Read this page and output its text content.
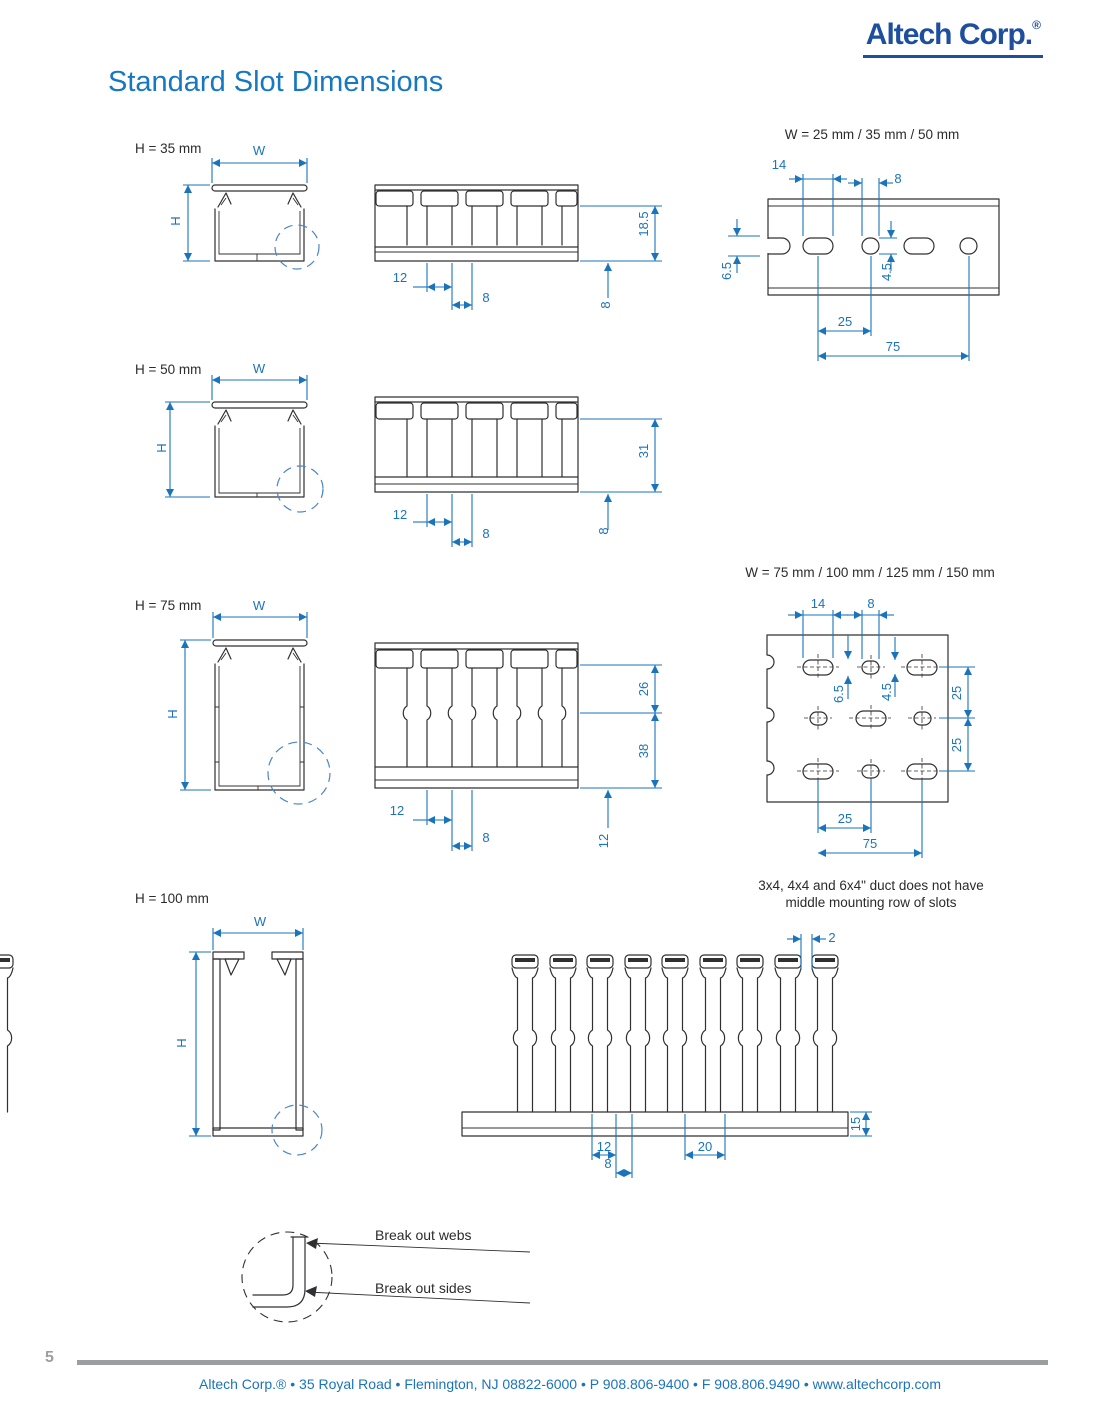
Altech Corp.®
Standard Slot Dimensions
H = 35 mm	W
H	18.5
8
12
8
W = 25 mm / 35 mm / 50 mm
14
8
6.5	4.5
25
75
H = 50 mm	W
H	31
8
12
8
H = 75 mm	W
H
26
38
12
12
8
W = 75 mm / 100 mm / 125 mm / 150 mm
14	8
6.5	4.5	25
25
25
75
3x4, 4x4 and 6x4" duct does not have
middle mounting row of slots
H = 100 mm
W
H
2
15
12
8
20
Break out webs
Break out sides
5
Altech Corp.® • 35 Royal Road • Flemington, NJ 08822-6000 • P 908.806-9400 • F 908.806.9490 • www.altechcorp.com
